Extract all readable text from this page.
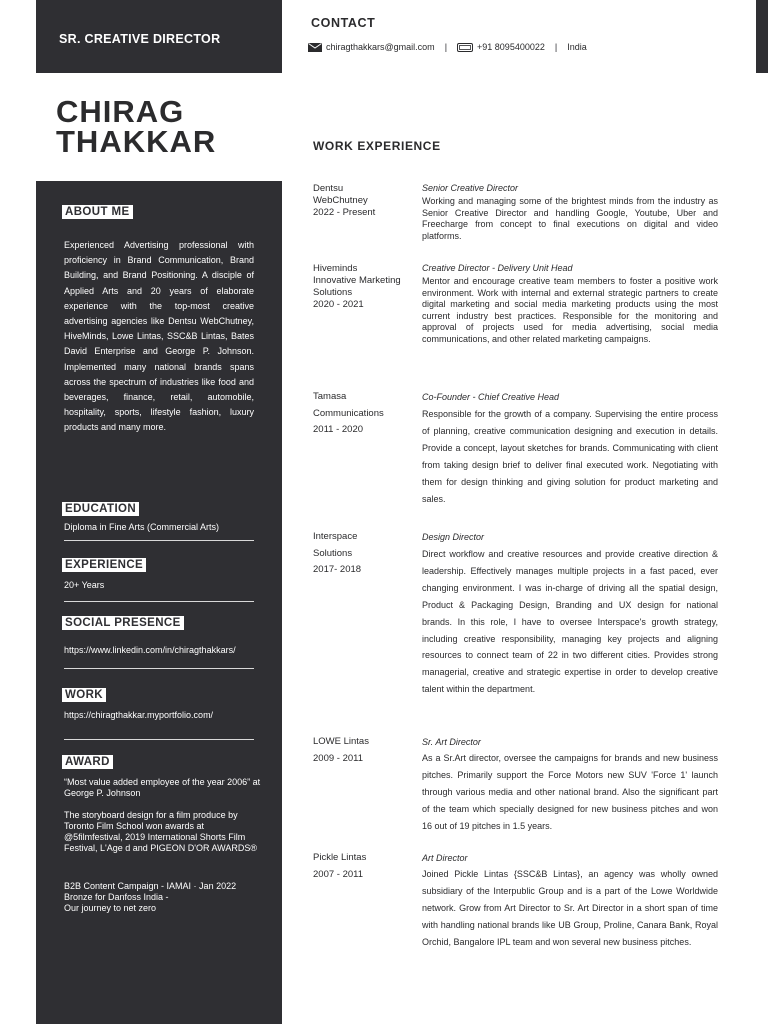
SR. CREATIVE DIRECTOR
CONTACT
chiragthakkars@gmail.com |	+91 8095400022 | India
CHIRAG
THAKKAR
ABOUT ME
Experienced Advertising professional with proficiency in Brand Communication, Brand Building, and Brand Positioning. A disciple of Applied Arts and 20 years of elaborate experience with the top-most creative advertising agencies like Dentsu WebChutney, HiveMinds, Lowe Lintas, SSC&B Lintas, Bates David Enterprise and George P. Johnson. Implemented many national brands spans across the spectrum of industries like food and beverages, finance, retail, automobile, hospitality, sports, lifestyle fashion, luxury products and many more.
EDUCATION
Diploma in Fine Arts (Commercial Arts)
EXPERIENCE
20+ Years
SOCIAL PRESENCE
https://www.linkedin.com/in/chiragthakkars/
WORK
https://chiragthakkar.myportfolio.com/
AWARD
“Most value added employee of the year 2006” at George P. Johnson
The storyboard design for a film produce by Toronto Film School won awards at @5filmfestival, 2019 International Shorts Film Festival, L'Age d and PIGEON D'OR AWARDS®
B2B Content Campaign - IAMAI · Jan 2022
Bronze for Danfoss India -
Our journey to net zero
WORK EXPERIENCE
Dentsu
WebChutney
2022 - Present
Senior Creative Director
Working and managing some of the brightest minds from the industry as Senior Creative Director and handling Google, Youtube, Uber and Freecharge from concept to final executions on digital and video platforms.
Hiveminds
Innovative Marketing
Solutions
2020 - 2021
Creative Director - Delivery Unit Head
Mentor and encourage creative team members to foster a positive work environment. Work with internal and external strategic partners to create digital marketing and social media marketing products using the most current industry best practices. Responsible for the monitoring and approval of projects used for media advertising, social media communications, and other related marketing campaigns.
Tamasa
Communications
2011 - 2020
Co-Founder - Chief Creative Head
Responsible for the growth of a company. Supervising the entire process of planning, creative communication designing and execution in details. Provide a concept, layout sketches for brands. Communicating with client from taking design brief to deliver final executed work. Negotiating with them for design thinking and giving solution for product marketing and sales.
Interspace
Solutions
2017- 2018
Design Director
Direct workflow and creative resources and provide creative direction & leadership. Effectively manages multiple projects in a fast paced, ever changing environment. I was in-charge of driving all the spatial design, Product & Packaging Design, Branding and UX design for national brands. In this role, I have to oversee Interspace's growth strategy, including creative responsibility, managing key projects and aligning resources to connect team of 22 in two different cities. Provides strong managerial, creative and strategic expertise in order to develop creative talent within the department.
LOWE Lintas
2009 - 2011
Sr. Art Director
As a Sr.Art director, oversee the campaigns for brands and new business pitches. Primarily support the Force Motors new SUV 'Force 1' launch through various media and other national brand. Also the significant part of the team which specially designed for new business pitches and won 16 out of 19 pitches in 1.5 years.
Pickle Lintas
2007 - 2011
Art Director
Joined Pickle Lintas {SSC&B Lintas}, an agency was wholly owned subsidiary of the Interpublic Group and is a part of the Lowe Worldwide network. Grow from Art Director to Sr. Art Director in a short span of time with handling national brands like UB Group, Proline, Canara Bank, Royal Orchid, Bangalore IPL team and won several new business pitches.
